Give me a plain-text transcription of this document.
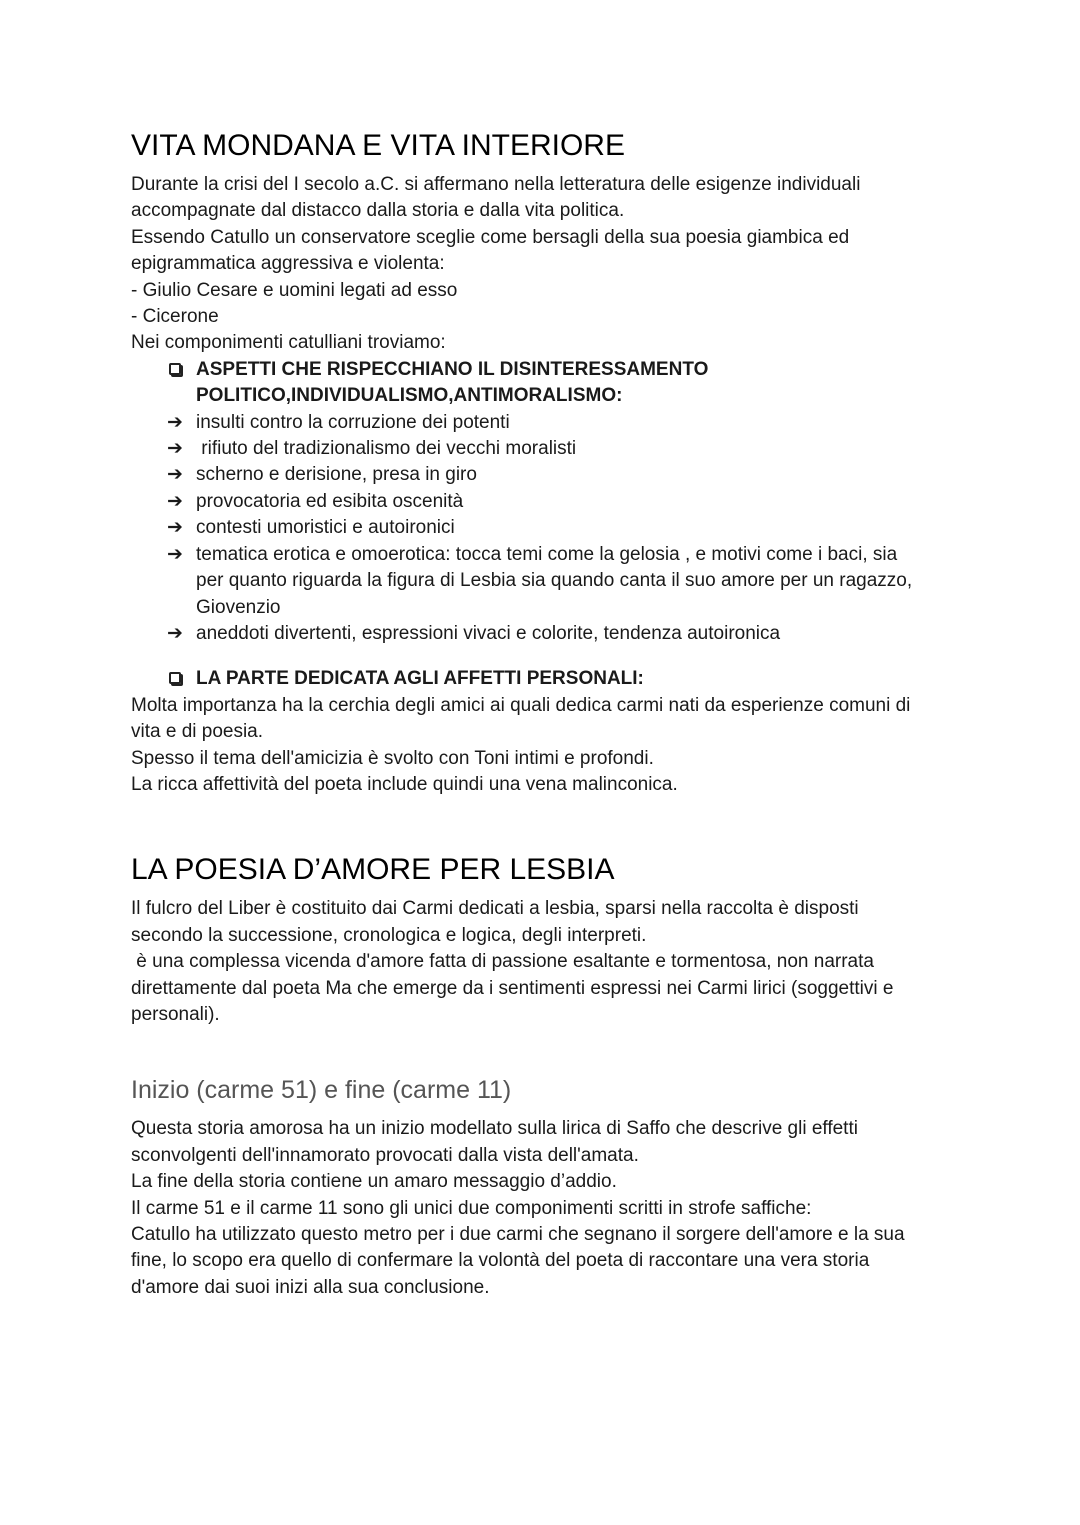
VITA MONDANA E VITA INTERIORE

Durante la crisi del I secolo a.C. si affermano nella letteratura delle esigenze individuali

accompagnate dal distacco dalla storia e dalla vita politica.

Essendo Catullo un conservatore sceglie come bersagli della sua poesia giambica ed

epigrammatica aggressiva e violenta:

- Giulio Cesare e uomini legati ad esso

- Cicerone

Nei componimenti catulliani troviamo:

ASPETTI CHE RISPECCHIANO IL DISINTERESSAMENTO
POLITICO,INDIVIDUALISMO,ANTIMORALISMO:
➔ insulti contro la corruzione dei potenti
➔ rifiuto del tradizionalismo dei vecchi moralisti
➔ scherno e derisione, presa in giro
➔ provocatoria ed esibita oscenità
➔ contesti umoristici e autoironici
➔ tematica erotica e omoerotica: tocca temi come la gelosia , e motivi come i baci, sia
per quanto riguarda la figura di Lesbia sia quando canta il suo amore per un ragazzo,
Giovenzio
➔ aneddoti divertenti, espressioni vivaci e colorite, tendenza autoironica
LA PARTE DEDICATA AGLI AFFETTI PERSONALI:

Molta importanza ha la cerchia degli amici ai quali dedica carmi nati da esperienze comuni di

vita e di poesia.

Spesso il tema dell'amicizia è svolto con Toni intimi e profondi.

La ricca affettività del poeta include quindi una vena malinconica.

LA POESIA D’AMORE PER LESBIA

Il fulcro del Liber è costituito dai Carmi dedicati a lesbia, sparsi nella raccolta è disposti

secondo la successione, cronologica e logica, degli interpreti.

è una complessa vicenda d'amore fatta di passione esaltante e tormentosa, non narrata

direttamente dal poeta Ma che emerge da i sentimenti espressi nei Carmi lirici (soggettivi e

personali).

Inizio (carme 51) e fine (carme 11)

Questa storia amorosa ha un inizio modellato sulla lirica di Saffo che descrive gli effetti

sconvolgenti dell'innamorato provocati dalla vista dell'amata.

La fine della storia contiene un amaro messaggio d’addio.

Il carme 51 e il carme 11 sono gli unici due componimenti scritti in strofe saffiche:

Catullo ha utilizzato questo metro per i due carmi che segnano il sorgere dell'amore e la sua

fine, lo scopo era quello di confermare la volontà del poeta di raccontare una vera storia

d'amore dai suoi inizi alla sua conclusione.
